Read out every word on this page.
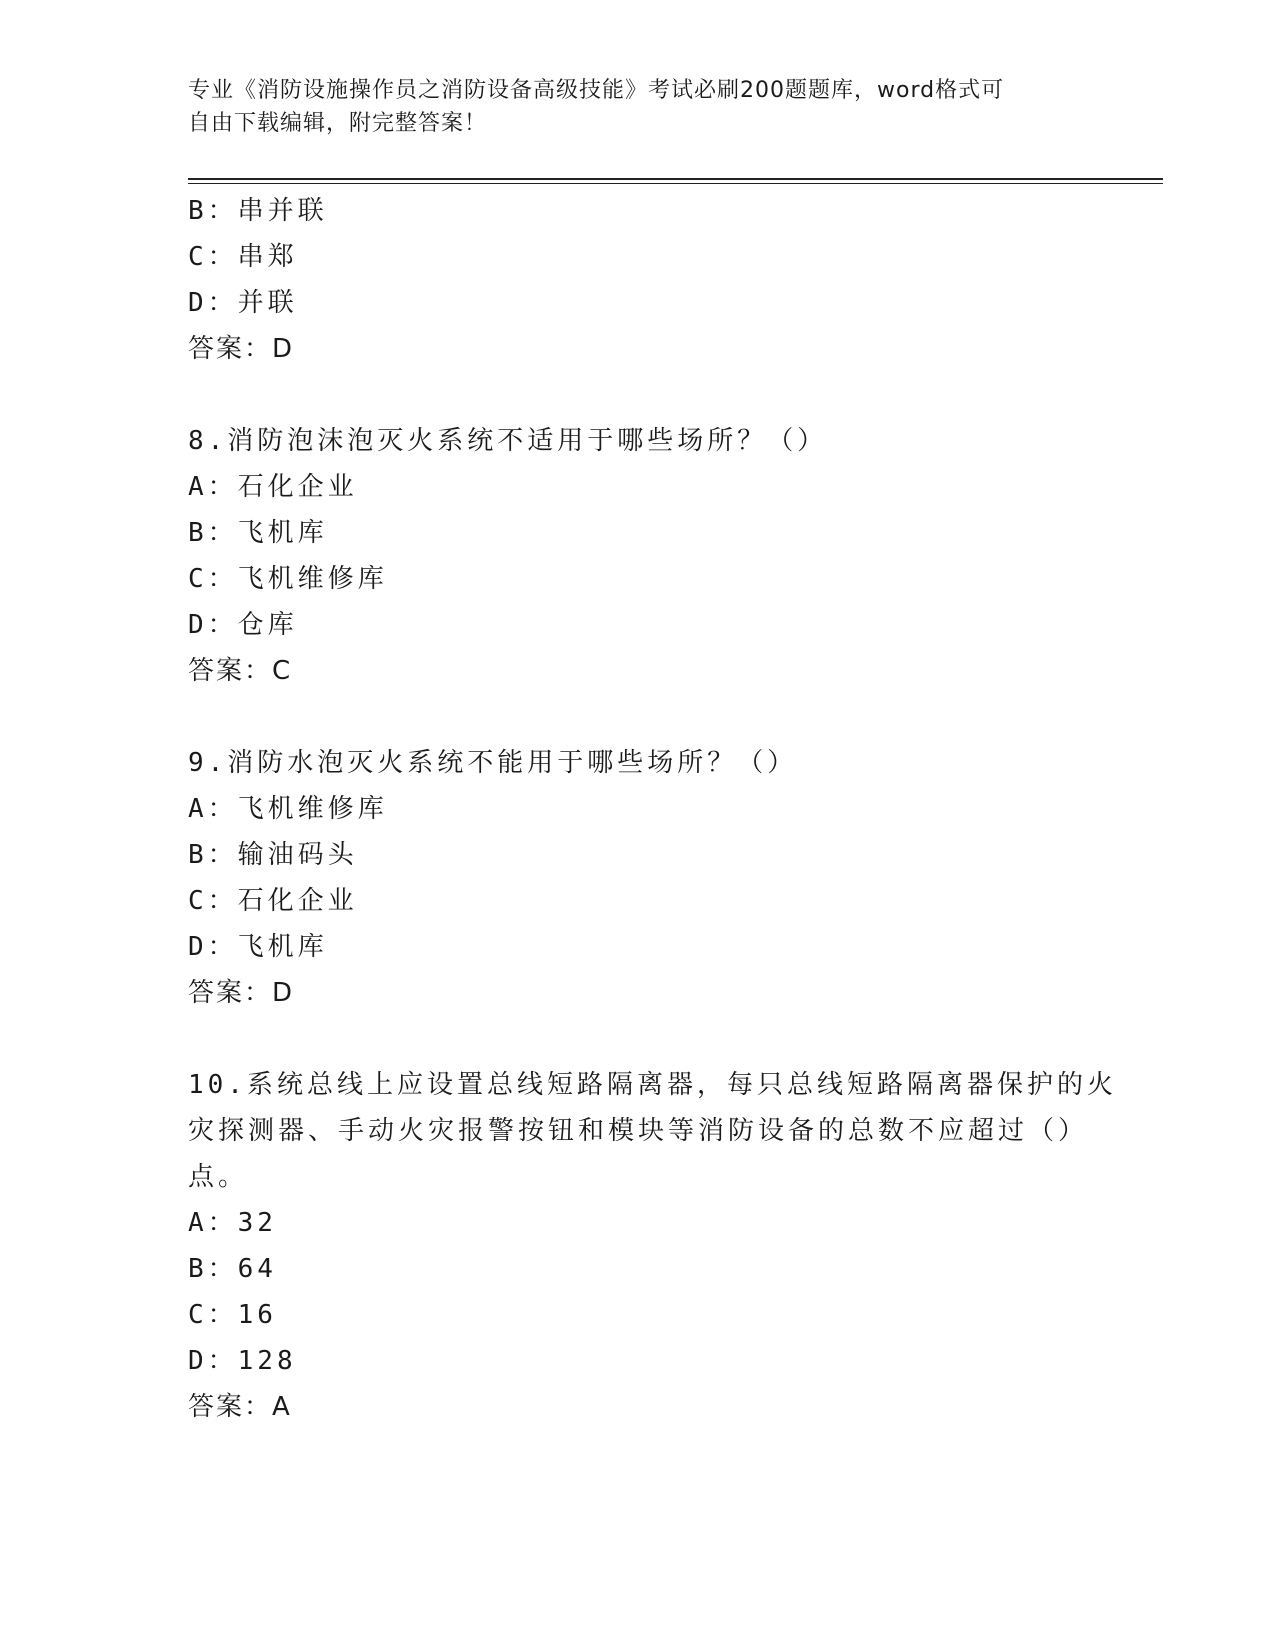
专业《消防设施操作员之消防设备高级技能》考试必刷200题题库，word格式可
自由下载编辑，附完整答案！
B：串并联
C：串郑
D：并联
答案：D
8.消防泡沫泡灭火系统不适用于哪些场所？（）
A：石化企业
B：飞机库
C：飞机维修库
D：仓库
答案：C
9.消防水泡灭火系统不能用于哪些场所？（）
A：飞机维修库
B：输油码头
C：石化企业
D：飞机库
答案：D
10.系统总线上应设置总线短路隔离器，每只总线短路隔离器保护的火
灾探测器、手动火灾报警按钮和模块等消防设备的总数不应超过（）
点。
A：32
B：64
C：16
D：128
答案：A
